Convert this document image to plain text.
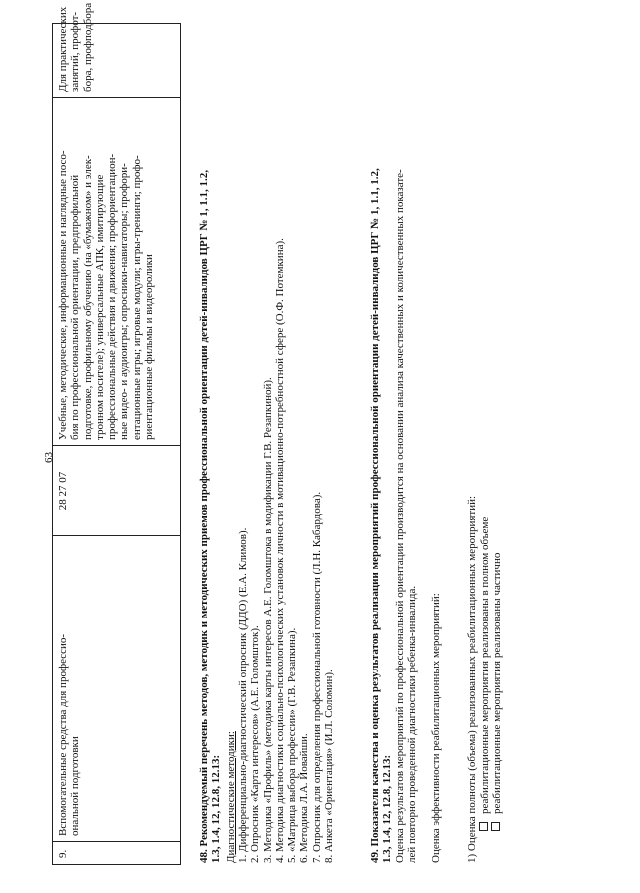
63
9.
Вспомогательные средства для профессио- ональной подготовки
28 27 07
Учебные, методические, информационные и наглядные посо- бия по профессиональной ориентации, предпрофильной подготовке, профильному обучению (на «бумажном» и элек- тронном носителе); универсальные АПК, имитирующие профессиональные действия и движения; профориентацион- ные видео- и аудиоигры; опросники-навигаторы; профори- ентационные игры; игровые модули; игры-тренинги; профо- риентационные фильмы и видеоролики
Для практических занятий, профот- бора, профподбора
48. Рекомендуемый перечень методов, методик и методических приемов профессиональной ориентации детей-инвалидов ЦРГ № 1, 1.1, 1.2, 1.3, 1.4, 12, 12.8, 12.13: Диагностические методики: 1. Дифференциально-диагностический опросник (ДДО) (Е.А. Климов). 2. Опросник «Карта интересов» (А.Е. Голомшток). 3. Методика «Профиль» (методика карты интересов А.Е. Голомштока в модификации Г.В. Резапкиной). 4. Методика диагностики социально-психологических установок личности в мотивационно-потребностной сфере (О.Ф. Потемкина). 5. «Матрица выбора профессии» (Г.В. Резапкина). 6. Методика Л.А. Йовайши. 7. Опросник для определения профессиональной готовности (Л.Н. Кабардова). 8. Анкета «Ориентация» (И.Л. Соломин).	49. Показатели качества и оценка результатов реализации мероприятий профессиональной ориентации детей-инвалидов ЦРГ № 1, 1.1, 1.2, 1.3, 1.4, 12, 12.8, 12.13: Оценка результатов мероприятий по профессиональной ориентации производится на основании анализа качественных и количественных показате- лей повторно проведенной диагностики ребенка-инвалида. Оценка эффективности реабилитационных мероприятий: 1) Оценка полноты (объема) реализованных реабилитационных мероприятий: реабилитационные мероприятия реализованы в полном объеме реабилитационные мероприятия реализованы частично
